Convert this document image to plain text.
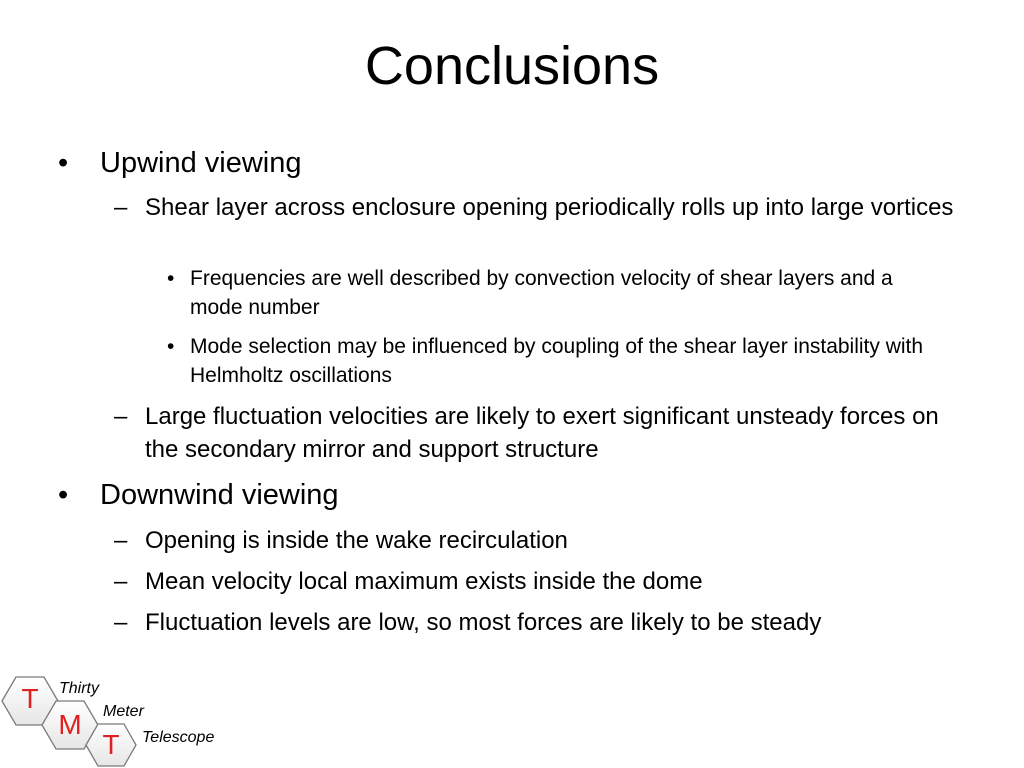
Conclusions
• Upwind viewing
– Shear layer across enclosure opening periodically rolls up into large vortices
• Frequencies are well described by convection velocity of shear layers and a mode number
• Mode selection may be influenced by coupling of the shear layer instability with Helmholtz oscillations
– Large fluctuation velocities are likely to exert significant unsteady forces on the secondary mirror and support structure
• Downwind viewing
– Opening is inside the wake recirculation
– Mean velocity local maximum exists inside the dome
– Fluctuation levels are low, so most forces are likely to be steady
T
M
T
Thirty
Meter
Telescope
